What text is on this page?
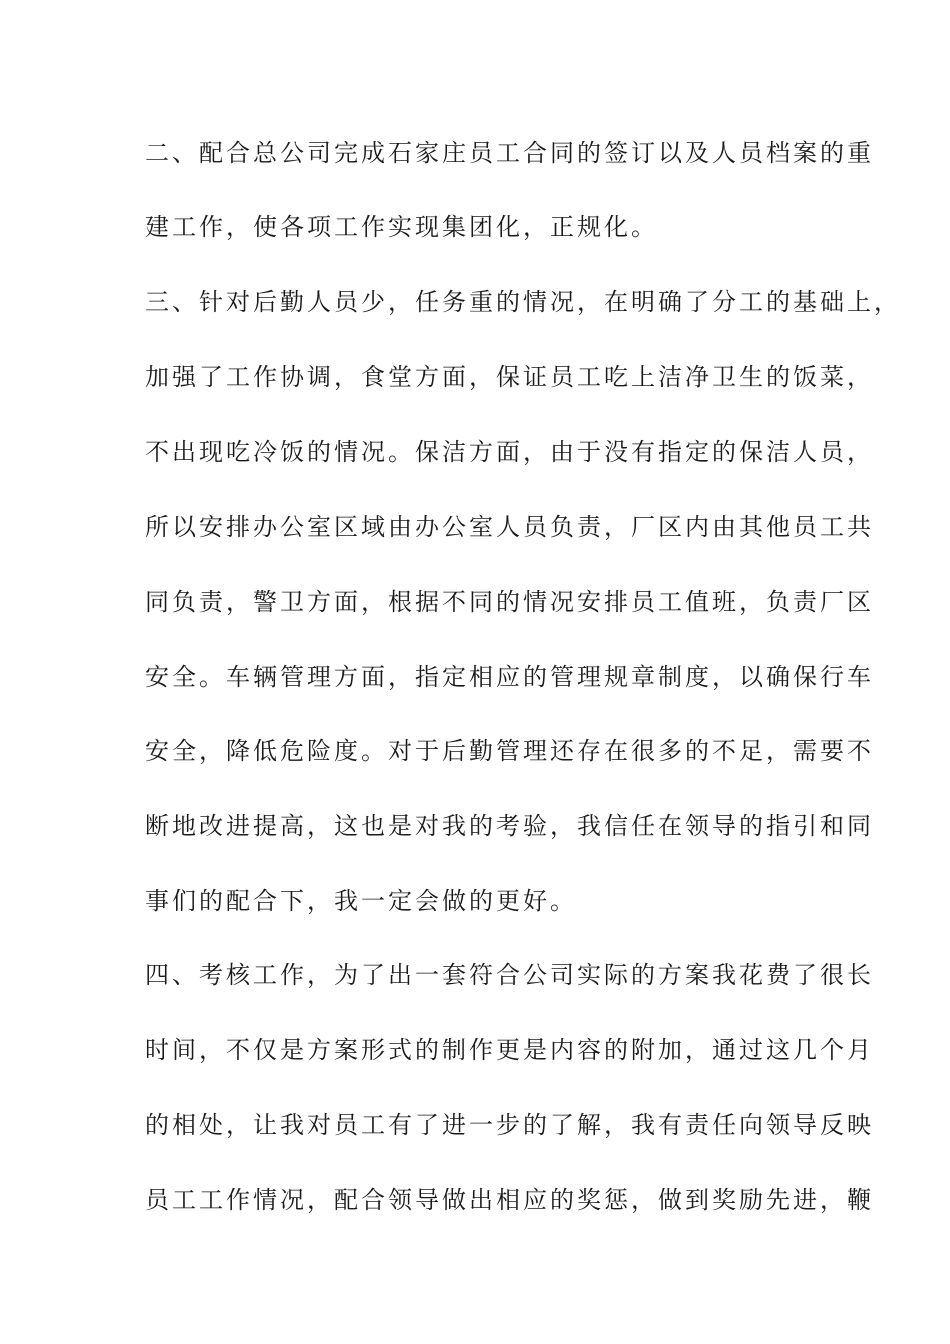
二、配合总公司完成石家庄员工合同的签订以及人员档案的重

建工作，使各项工作实现集团化，正规化。

三、针对后勤人员少，任务重的情况，在明确了分工的基础上，

加强了工作协调，食堂方面，保证员工吃上洁净卫生的饭菜，

不出现吃冷饭的情况。保洁方面，由于没有指定的保洁人员，

所以安排办公室区域由办公室人员负责，厂区内由其他员工共

同负责，警卫方面，根据不同的情况安排员工值班，负责厂区

安全。车辆管理方面，指定相应的管理规章制度，以确保行车

安全，降低危险度。对于后勤管理还存在很多的不足，需要不

断地改进提高，这也是对我的考验，我信任在领导的指引和同

事们的配合下，我一定会做的更好。

四、考核工作，为了出一套符合公司实际的方案我花费了很长

时间，不仅是方案形式的制作更是内容的附加，通过这几个月

的相处，让我对员工有了进一步的了解，我有责任向领导反映

员工工作情况，配合领导做出相应的奖惩，做到奖励先进，鞭
